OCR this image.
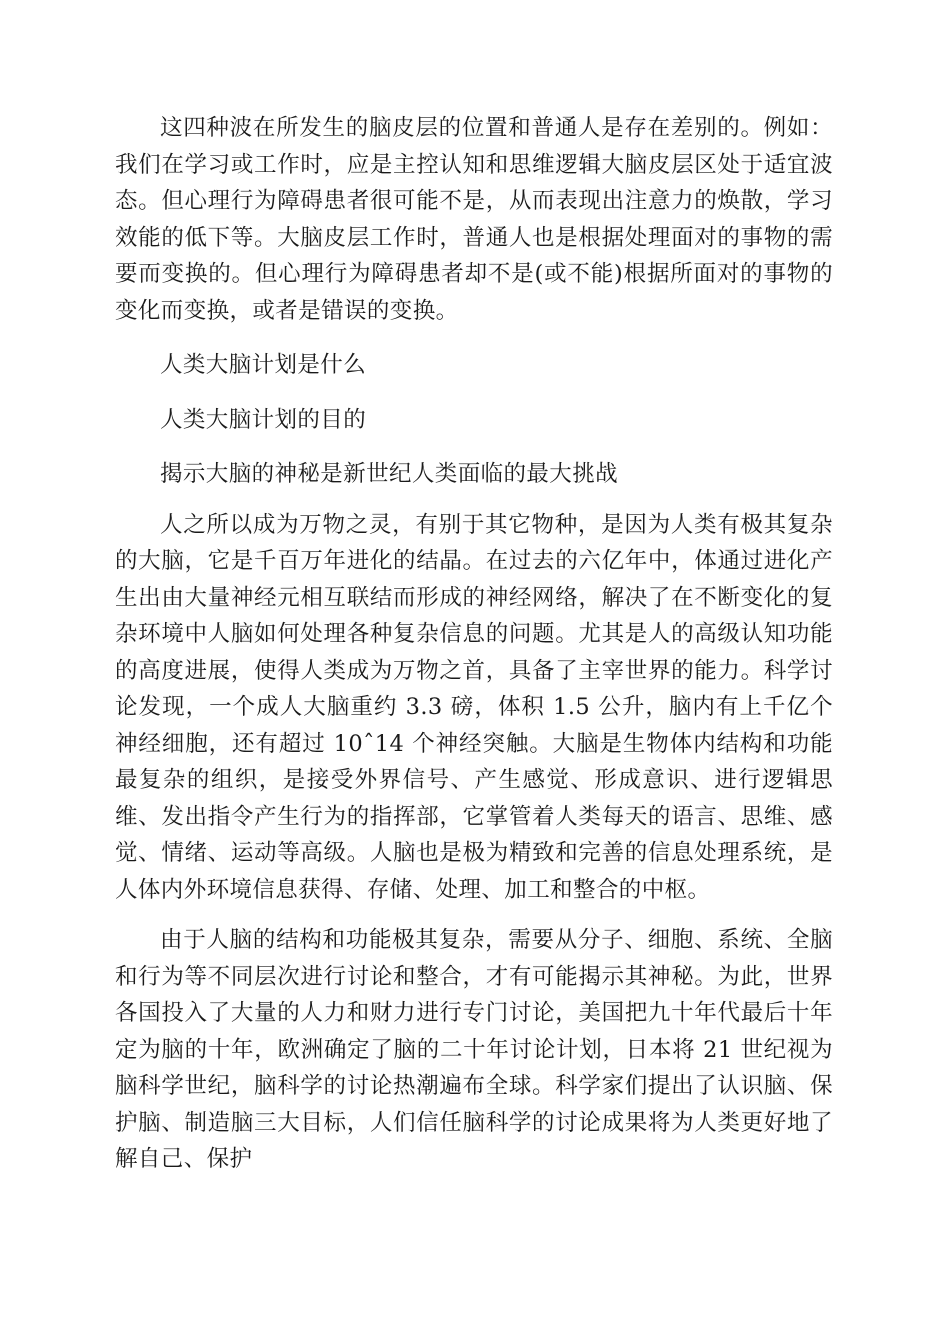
这四种波在所发生的脑皮层的位置和普通人是存在差别的。例如：我们在学习或工作时，应是主控认知和思维逻辑大脑皮层区处于适宜波态。但心理行为障碍患者很可能不是，从而表现出注意力的焕散，学习效能的低下等。大脑皮层工作时，普通人也是根据处理面对的事物的需要而变换的。但心理行为障碍患者却不是(或不能)根据所面对的事物的变化而变换，或者是错误的变换。

人类大脑计划是什么

人类大脑计划的目的

揭示大脑的神秘是新世纪人类面临的最大挑战

人之所以成为万物之灵，有别于其它物种，是因为人类有极其复杂的大脑，它是千百万年进化的结晶。在过去的六亿年中，体通过进化产生出由大量神经元相互联结而形成的神经网络，解决了在不断变化的复杂环境中人脑如何处理各种复杂信息的问题。尤其是人的高级认知功能的高度进展，使得人类成为万物之首，具备了主宰世界的能力。科学讨论发现，一个成人大脑重约 3.3 磅，体积 1.5 公升，脑内有上千亿个神经细胞，还有超过 10ˆ14 个神经突触。大脑是生物体内结构和功能最复杂的组织，是接受外界信号、产生感觉、形成意识、进行逻辑思维、发出指令产生行为的指挥部，它掌管着人类每天的语言、思维、感觉、情绪、运动等高级。人脑也是极为精致和完善的信息处理系统，是人体内外环境信息获得、存储、处理、加工和整合的中枢。

由于人脑的结构和功能极其复杂，需要从分子、细胞、系统、全脑和行为等不同层次进行讨论和整合，才有可能揭示其神秘。为此，世界各国投入了大量的人力和财力进行专门讨论，美国把九十年代最后十年定为脑的十年，欧洲确定了脑的二十年讨论计划，日本将 21 世纪视为脑科学世纪，脑科学的讨论热潮遍布全球。科学家们提出了认识脑、保护脑、制造脑三大目标，人们信任脑科学的讨论成果将为人类更好地了解自己、保护
